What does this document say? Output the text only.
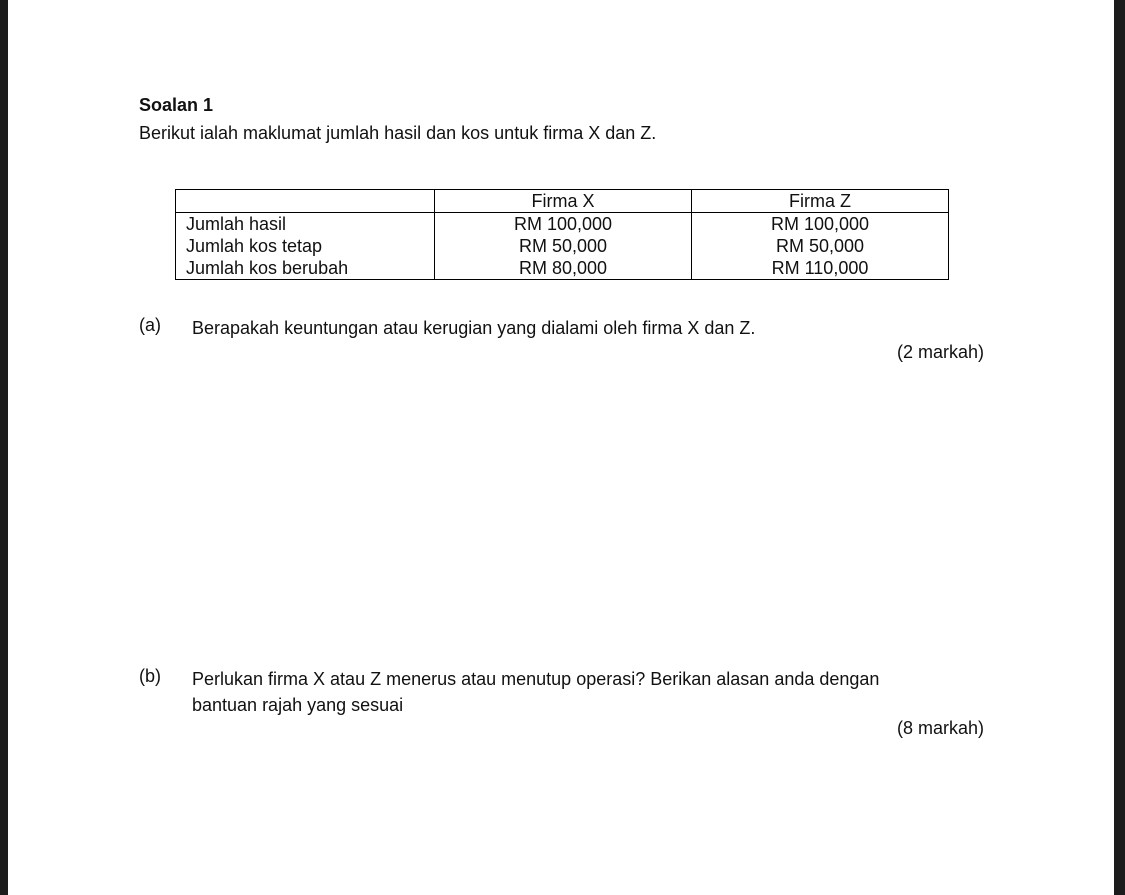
Soalan 1

Berikut ialah maklumat jumlah hasil dan kos untuk firma X dan Z.

	Firma X	Firma Z
Jumlah hasil	RM 100,000	RM 100,000
Jumlah kos tetap	RM 50,000	RM 50,000
Jumlah kos berubah	RM 80,000	RM 110,000
(a) Berapakah keuntungan atau kerugian yang dialami oleh firma X dan Z.
(2 markah)
(b) Perlukan firma X atau Z menerus atau menutup operasi? Berikan alasan anda dengan
bantuan rajah yang sesuai
(8 markah)
